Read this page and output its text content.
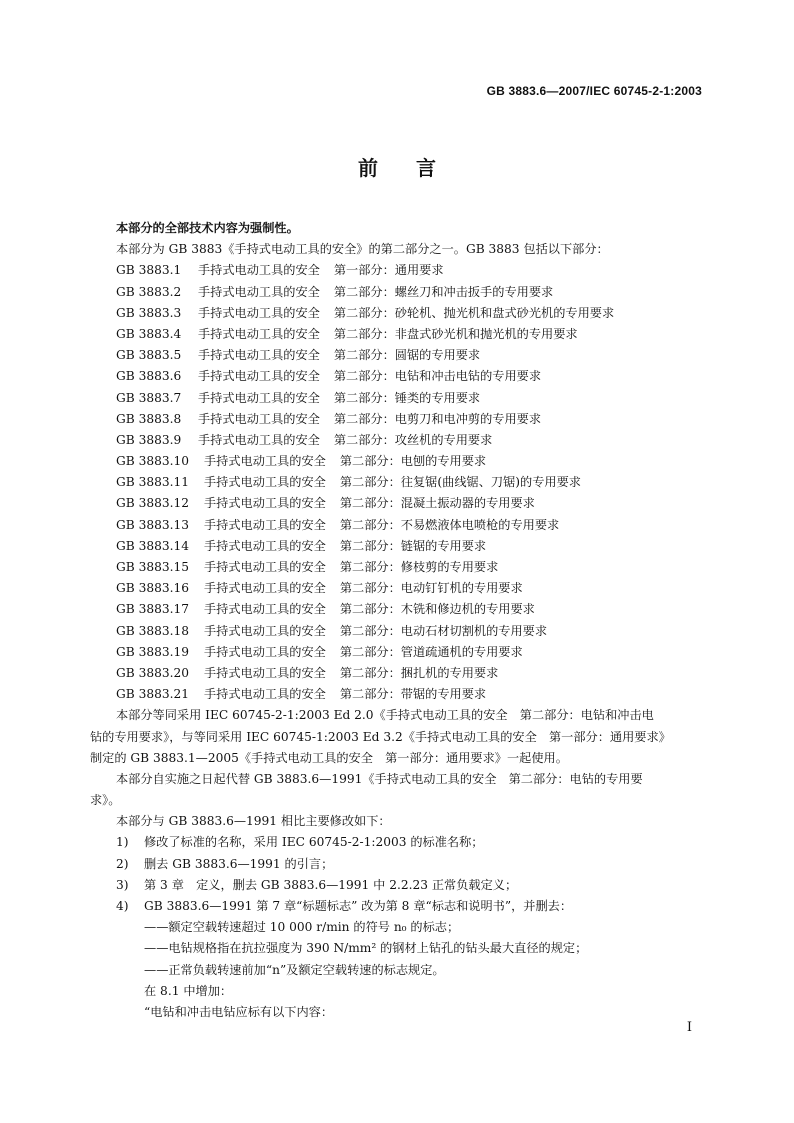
GB 3883.6—2007/IEC 60745-2-1:2003
前 言
本部分的全部技术内容为强制性。
本部分为 GB 3883《手持式电动工具的安全》的第二部分之一。GB 3883 包括以下部分：
GB 3883.1 手持式电动工具的安全 第一部分：通用要求
GB 3883.2 手持式电动工具的安全 第二部分：螺丝刀和冲击扳手的专用要求
GB 3883.3 手持式电动工具的安全 第二部分：砂轮机、抛光机和盘式砂光机的专用要求
GB 3883.4 手持式电动工具的安全 第二部分：非盘式砂光机和抛光机的专用要求
GB 3883.5 手持式电动工具的安全 第二部分：圆锯的专用要求
GB 3883.6 手持式电动工具的安全 第二部分：电钻和冲击电钻的专用要求
GB 3883.7 手持式电动工具的安全 第二部分：锤类的专用要求
GB 3883.8 手持式电动工具的安全 第二部分：电剪刀和电冲剪的专用要求
GB 3883.9 手持式电动工具的安全 第二部分：攻丝机的专用要求
GB 3883.10 手持式电动工具的安全 第二部分：电刨的专用要求
GB 3883.11 手持式电动工具的安全 第二部分：往复锯(曲线锯、刀锯)的专用要求
GB 3883.12 手持式电动工具的安全 第二部分：混凝土振动器的专用要求
GB 3883.13 手持式电动工具的安全 第二部分：不易燃液体电喷枪的专用要求
GB 3883.14 手持式电动工具的安全 第二部分：链锯的专用要求
GB 3883.15 手持式电动工具的安全 第二部分：修枝剪的专用要求
GB 3883.16 手持式电动工具的安全 第二部分：电动钉钉机的专用要求
GB 3883.17 手持式电动工具的安全 第二部分：木铣和修边机的专用要求
GB 3883.18 手持式电动工具的安全 第二部分：电动石材切割机的专用要求
GB 3883.19 手持式电动工具的安全 第二部分：管道疏通机的专用要求
GB 3883.20 手持式电动工具的安全 第二部分：捆扎机的专用要求
GB 3883.21 手持式电动工具的安全 第二部分：带锯的专用要求
本部分等同采用 IEC 60745-2-1:2003 Ed 2.0《手持式电动工具的安全　第二部分：电钻和冲击电
钻的专用要求》，与等同采用 IEC 60745-1:2003 Ed 3.2《手持式电动工具的安全　第一部分：通用要求》
制定的 GB 3883.1—2005《手持式电动工具的安全　第一部分：通用要求》一起使用。
本部分自实施之日起代替 GB 3883.6—1991《手持式电动工具的安全　第二部分：电钻的专用要
求》。
本部分与 GB 3883.6—1991 相比主要修改如下：
1) 修改了标准的名称，采用 IEC 60745-2-1:2003 的标准名称；
2) 删去 GB 3883.6—1991 的引言；
3) 第 3 章　定义，删去 GB 3883.6—1991 中 2.2.23 正常负载定义；
4) GB 3883.6—1991 第 7 章“标题标志” 改为第 8 章“标志和说明书”，并删去：
——额定空载转速超过 10 000 r/min 的符号 n₀ 的标志；
——电钻规格指在抗拉强度为 390 N/mm² 的钢材上钻孔的钻头最大直径的规定；
——正常负载转速前加“n”及额定空载转速的标志规定。
在 8.1 中增加：
“电钻和冲击电钻应标有以下内容：
I
